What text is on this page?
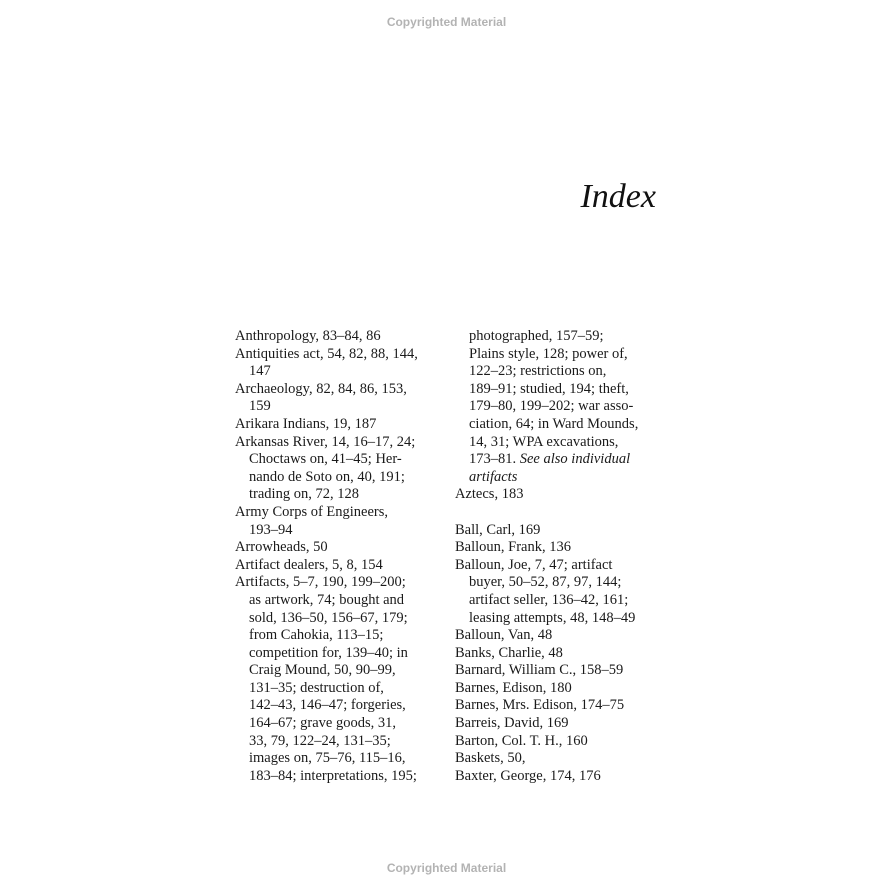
Copyrighted Material
Index
Anthropology, 83–84, 86
Antiquities act, 54, 82, 88, 144,
147
Archaeology, 82, 84, 86, 153,
159
Arikara Indians, 19, 187
Arkansas River, 14, 16–17, 24;
Choctaws on, 41–45; Her-
nando de Soto on, 40, 191;
trading on, 72, 128
Army Corps of Engineers,
193–94
Arrowheads, 50
Artifact dealers, 5, 8, 154
Artifacts, 5–7, 190, 199–200;
as artwork, 74; bought and
sold, 136–50, 156–67, 179;
from Cahokia, 113–15;
competition for, 139–40; in
Craig Mound, 50, 90–99,
131–35; destruction of,
142–43, 146–47; forgeries,
164–67; grave goods, 31,
33, 79, 122–24, 131–35;
images on, 75–76, 115–16,
183–84; interpretations, 195;
photographed, 157–59;
Plains style, 128; power of,
122–23; restrictions on,
189–91; studied, 194; theft,
179–80, 199–202; war asso-
ciation, 64; in Ward Mounds,
14, 31; WPA excavations,
173–81. See also individual
artifacts
Aztecs, 183
Ball, Carl, 169
Balloun, Frank, 136
Balloun, Joe, 7, 47; artifact
buyer, 50–52, 87, 97, 144;
artifact seller, 136–42, 161;
leasing attempts, 48, 148–49
Balloun, Van, 48
Banks, Charlie, 48
Barnard, William C., 158–59
Barnes, Edison, 180
Barnes, Mrs. Edison, 174–75
Barreis, David, 169
Barton, Col. T. H., 160
Baskets, 50,
Baxter, George, 174, 176
Copyrighted Material
